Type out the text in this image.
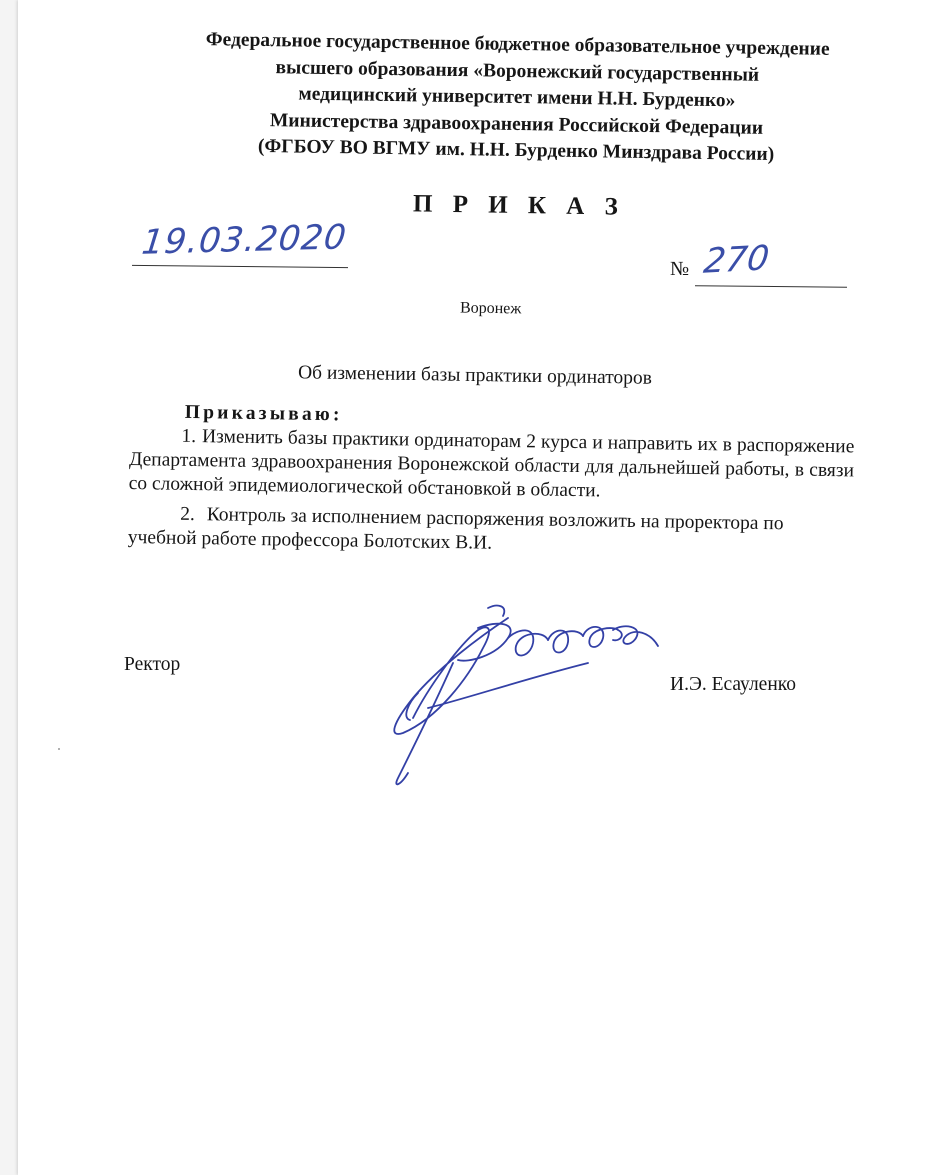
Федеральное государственное бюджетное образовательное учреждение
высшего образования «Воронежский государственный
медицинский университет имени Н.Н. Бурденко»
Министерства здравоохранения Российской Федерации
(ФГБОУ ВО ВГМУ им. Н.Н. Бурденко Минздрава России)
П Р И К А З
19.03.2020
№ 270
Воронеж
Об изменении базы практики ординаторов
Приказываю:

1. Изменить базы практики ординаторам 2 курса и направить их в распоряжение Департамента здравоохранения Воронежской области для дальнейшей работы, в связи со сложной эпидемиологической обстановкой в области.

2. Контроль за исполнением распоряжения возложить на проректора по учебной работе профессора Болотских В.И.

Ректор
И.Э. Есауленко
